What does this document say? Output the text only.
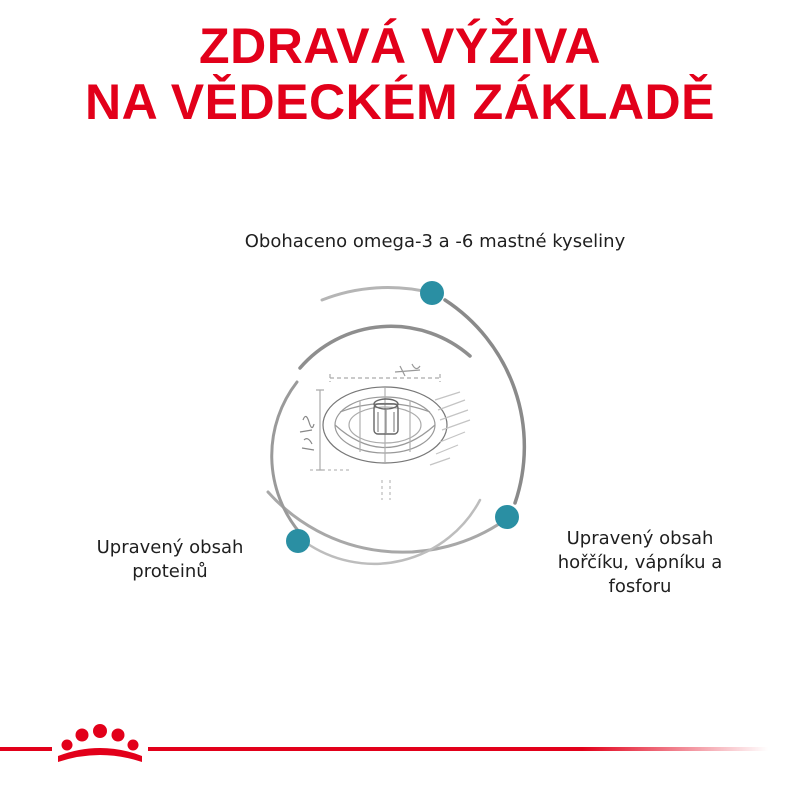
ZDRAVÁ VÝŽIVA
NA VĚDECKÉM ZÁKLADĚ
Obohaceno omega-3 a -6 mastné kyseliny
Upravený obsah
proteinů
Upravený obsah
hořčíku, vápníku a
fosforu
